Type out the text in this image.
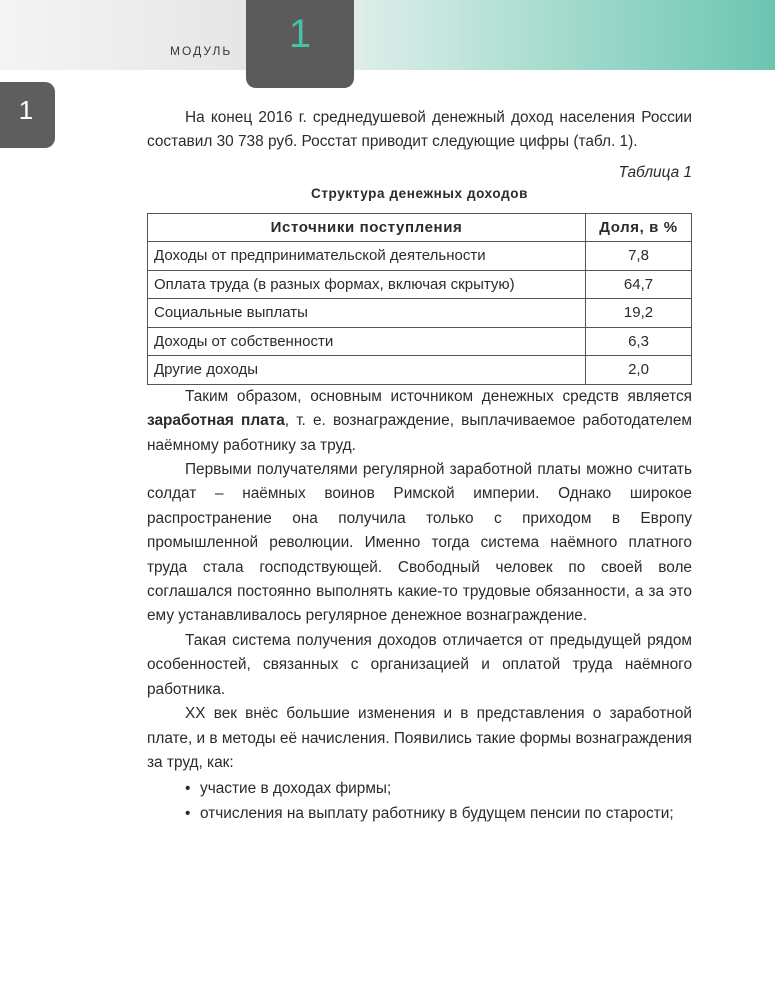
МОДУЛЬ	1
1	На конец 2016 г. среднедушевой денежный доход населения России составил 30 738 руб. Росстат приводит следующие цифры (табл. 1).

Таблица 1
Структура денежных доходов
Источники поступления	Доля, в %
Доходы от предпринимательской деятельности	7,8
Оплата труда (в разных формах, включая скрытую)	64,7
Социальные выплаты	19,2
Доходы от собственности	6,3
Другие доходы	2,0

Таким образом, основным источником денежных средств является заработная плата, т. е. вознаграждение, выплачиваемое работодателем наёмному работнику за труд.

Первыми получателями регулярной заработной платы можно считать солдат – наёмных воинов Римской империи. Однако широкое распространение она получила только с приходом в Европу промышленной революции. Именно тогда система наёмного платного труда стала господствующей. Свободный человек по своей воле соглашался постоянно выполнять какие-то трудовые обязанности, а за это ему устанавливалось регулярное денежное вознаграждение.

Такая система получения доходов отличается от предыдущей рядом особенностей, связанных с организацией и оплатой труда наёмного работника.

XX век внёс большие изменения и в представления о заработной плате, и в методы её начисления. Появились такие формы вознаграждения за труд, как:

• участие в доходах фирмы;
• отчисления на выплату работнику в будущем пенсии по старости;
